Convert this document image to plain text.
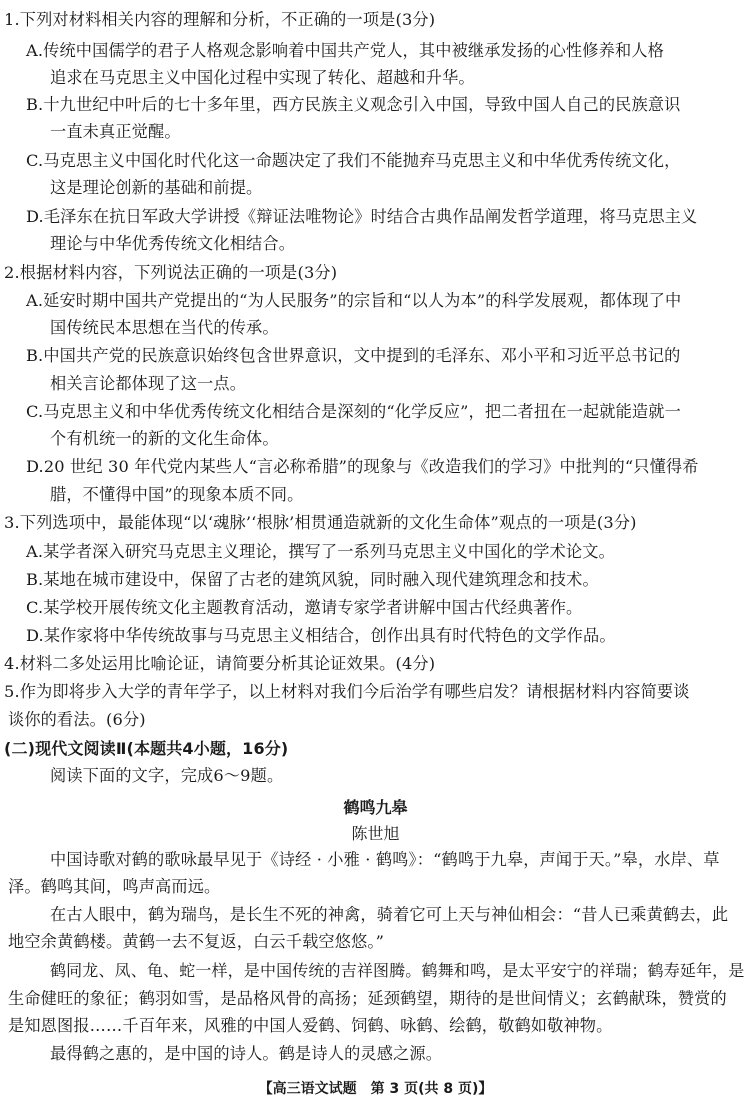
1.下列对材料相关内容的理解和分析，不正确的一项是(3分)
A.传统中国儒学的君子人格观念影响着中国共产党人，其中被继承发扬的心性修养和人格
追求在马克思主义中国化过程中实现了转化、超越和升华。
B.十九世纪中叶后的七十多年里，西方民族主义观念引入中国，导致中国人自己的民族意识
一直未真正觉醒。
C.马克思主义中国化时代化这一命题决定了我们不能抛弃马克思主义和中华优秀传统文化，
这是理论创新的基础和前提。
D.毛泽东在抗日军政大学讲授《辩证法唯物论》时结合古典作品阐发哲学道理，将马克思主义
理论与中华优秀传统文化相结合。
2.根据材料内容，下列说法正确的一项是(3分)
A.延安时期中国共产党提出的“为人民服务”的宗旨和“以人为本”的科学发展观，都体现了中
国传统民本思想在当代的传承。
B.中国共产党的民族意识始终包含世界意识，文中提到的毛泽东、邓小平和习近平总书记的
相关言论都体现了这一点。
C.马克思主义和中华优秀传统文化相结合是深刻的“化学反应”，把二者扭在一起就能造就一
个有机统一的新的文化生命体。
D.20 世纪 30 年代党内某些人“言必称希腊”的现象与《改造我们的学习》中批判的“只懂得希
腊，不懂得中国”的现象本质不同。
3.下列选项中，最能体现“以‘魂脉’‘根脉’相贯通造就新的文化生命体”观点的一项是(3分)
A.某学者深入研究马克思主义理论，撰写了一系列马克思主义中国化的学术论文。
B.某地在城市建设中，保留了古老的建筑风貌，同时融入现代建筑理念和技术。
C.某学校开展传统文化主题教育活动，邀请专家学者讲解中国古代经典著作。
D.某作家将中华传统故事与马克思主义相结合，创作出具有时代特色的文学作品。
4.材料二多处运用比喻论证，请简要分析其论证效果。(4分)
5.作为即将步入大学的青年学子，以上材料对我们今后治学有哪些启发？请根据材料内容简要谈
谈你的看法。(6分)
(二)现代文阅读Ⅱ(本题共4小题，16分)
阅读下面的文字，完成6～9题。
鹤鸣九皋
陈世旭
中国诗歌对鹤的歌咏最早见于《诗经 · 小雅 · 鹤鸣》：“鹤鸣于九皋，声闻于天。”皋，水岸、草
泽。鹤鸣其间，鸣声高而远。
在古人眼中，鹤为瑞鸟，是长生不死的神禽，骑着它可上天与神仙相会：“昔人已乘黄鹤去，此
地空余黄鹤楼。黄鹤一去不复返，白云千载空悠悠。”
鹤同龙、凤、龟、蛇一样，是中国传统的吉祥图腾。鹤舞和鸣，是太平安宁的祥瑞；鹤寿延年，是
生命健旺的象征；鹤羽如雪，是品格风骨的高扬；延颈鹤望，期待的是世间情义；玄鹤献珠，赞赏的
是知恩图报……千百年来，风雅的中国人爱鹤、饲鹤、咏鹤、绘鹤，敬鹤如敬神物。
最得鹤之惠的，是中国的诗人。鹤是诗人的灵感之源。
【高三语文试题　第 3 页(共 8 页)】
